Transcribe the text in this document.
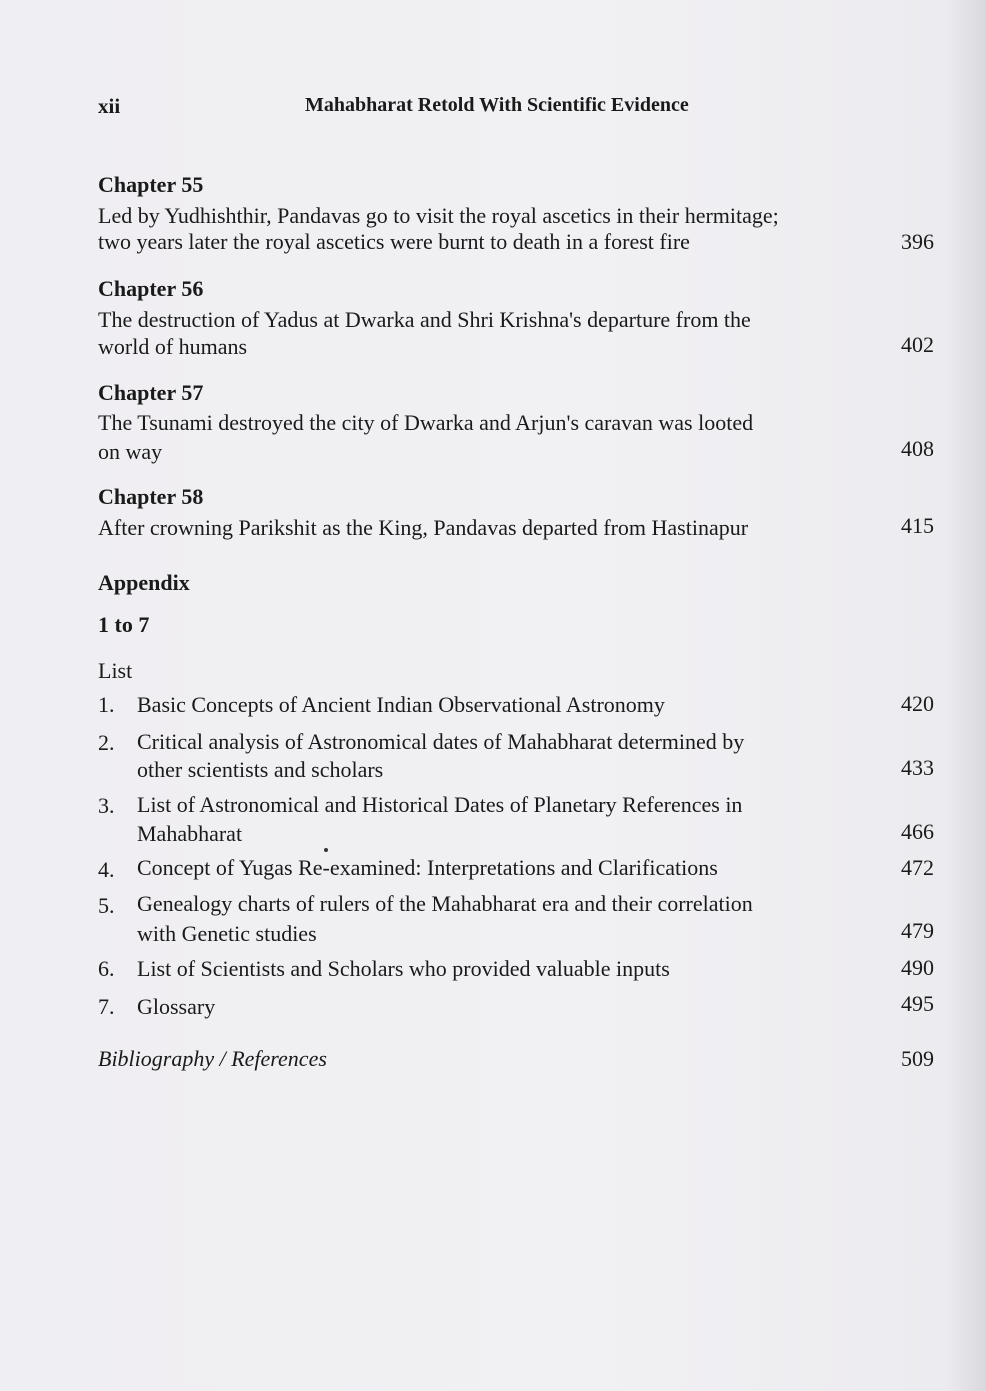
xii	Mahabharat Retold With Scientific Evidence
Chapter 55
Led by Yudhishthir, Pandavas go to visit the royal ascetics in their hermitage;
two years later the royal ascetics were burnt to death in a forest fire	396
Chapter 56
The destruction of Yadus at Dwarka and Shri Krishna's departure from the
world of humans	402
Chapter 57
The Tsunami destroyed the city of Dwarka and Arjun's caravan was looted
on way	408
Chapter 58
After crowning Parikshit as the King, Pandavas departed from Hastinapur	415
Appendix
1 to 7
List
1. Basic Concepts of Ancient Indian Observational Astronomy	420
2. Critical analysis of Astronomical dates of Mahabharat determined by
other scientists and scholars	433
3. List of Astronomical and Historical Dates of Planetary References in
Mahabharat	466
4. Concept of Yugas Re-examined: Interpretations and Clarifications	472
5. Genealogy charts of rulers of the Mahabharat era and their correlation
with Genetic studies	479
6. List of Scientists and Scholars who provided valuable inputs	490
7. Glossary	495
Bibliography / References	509
